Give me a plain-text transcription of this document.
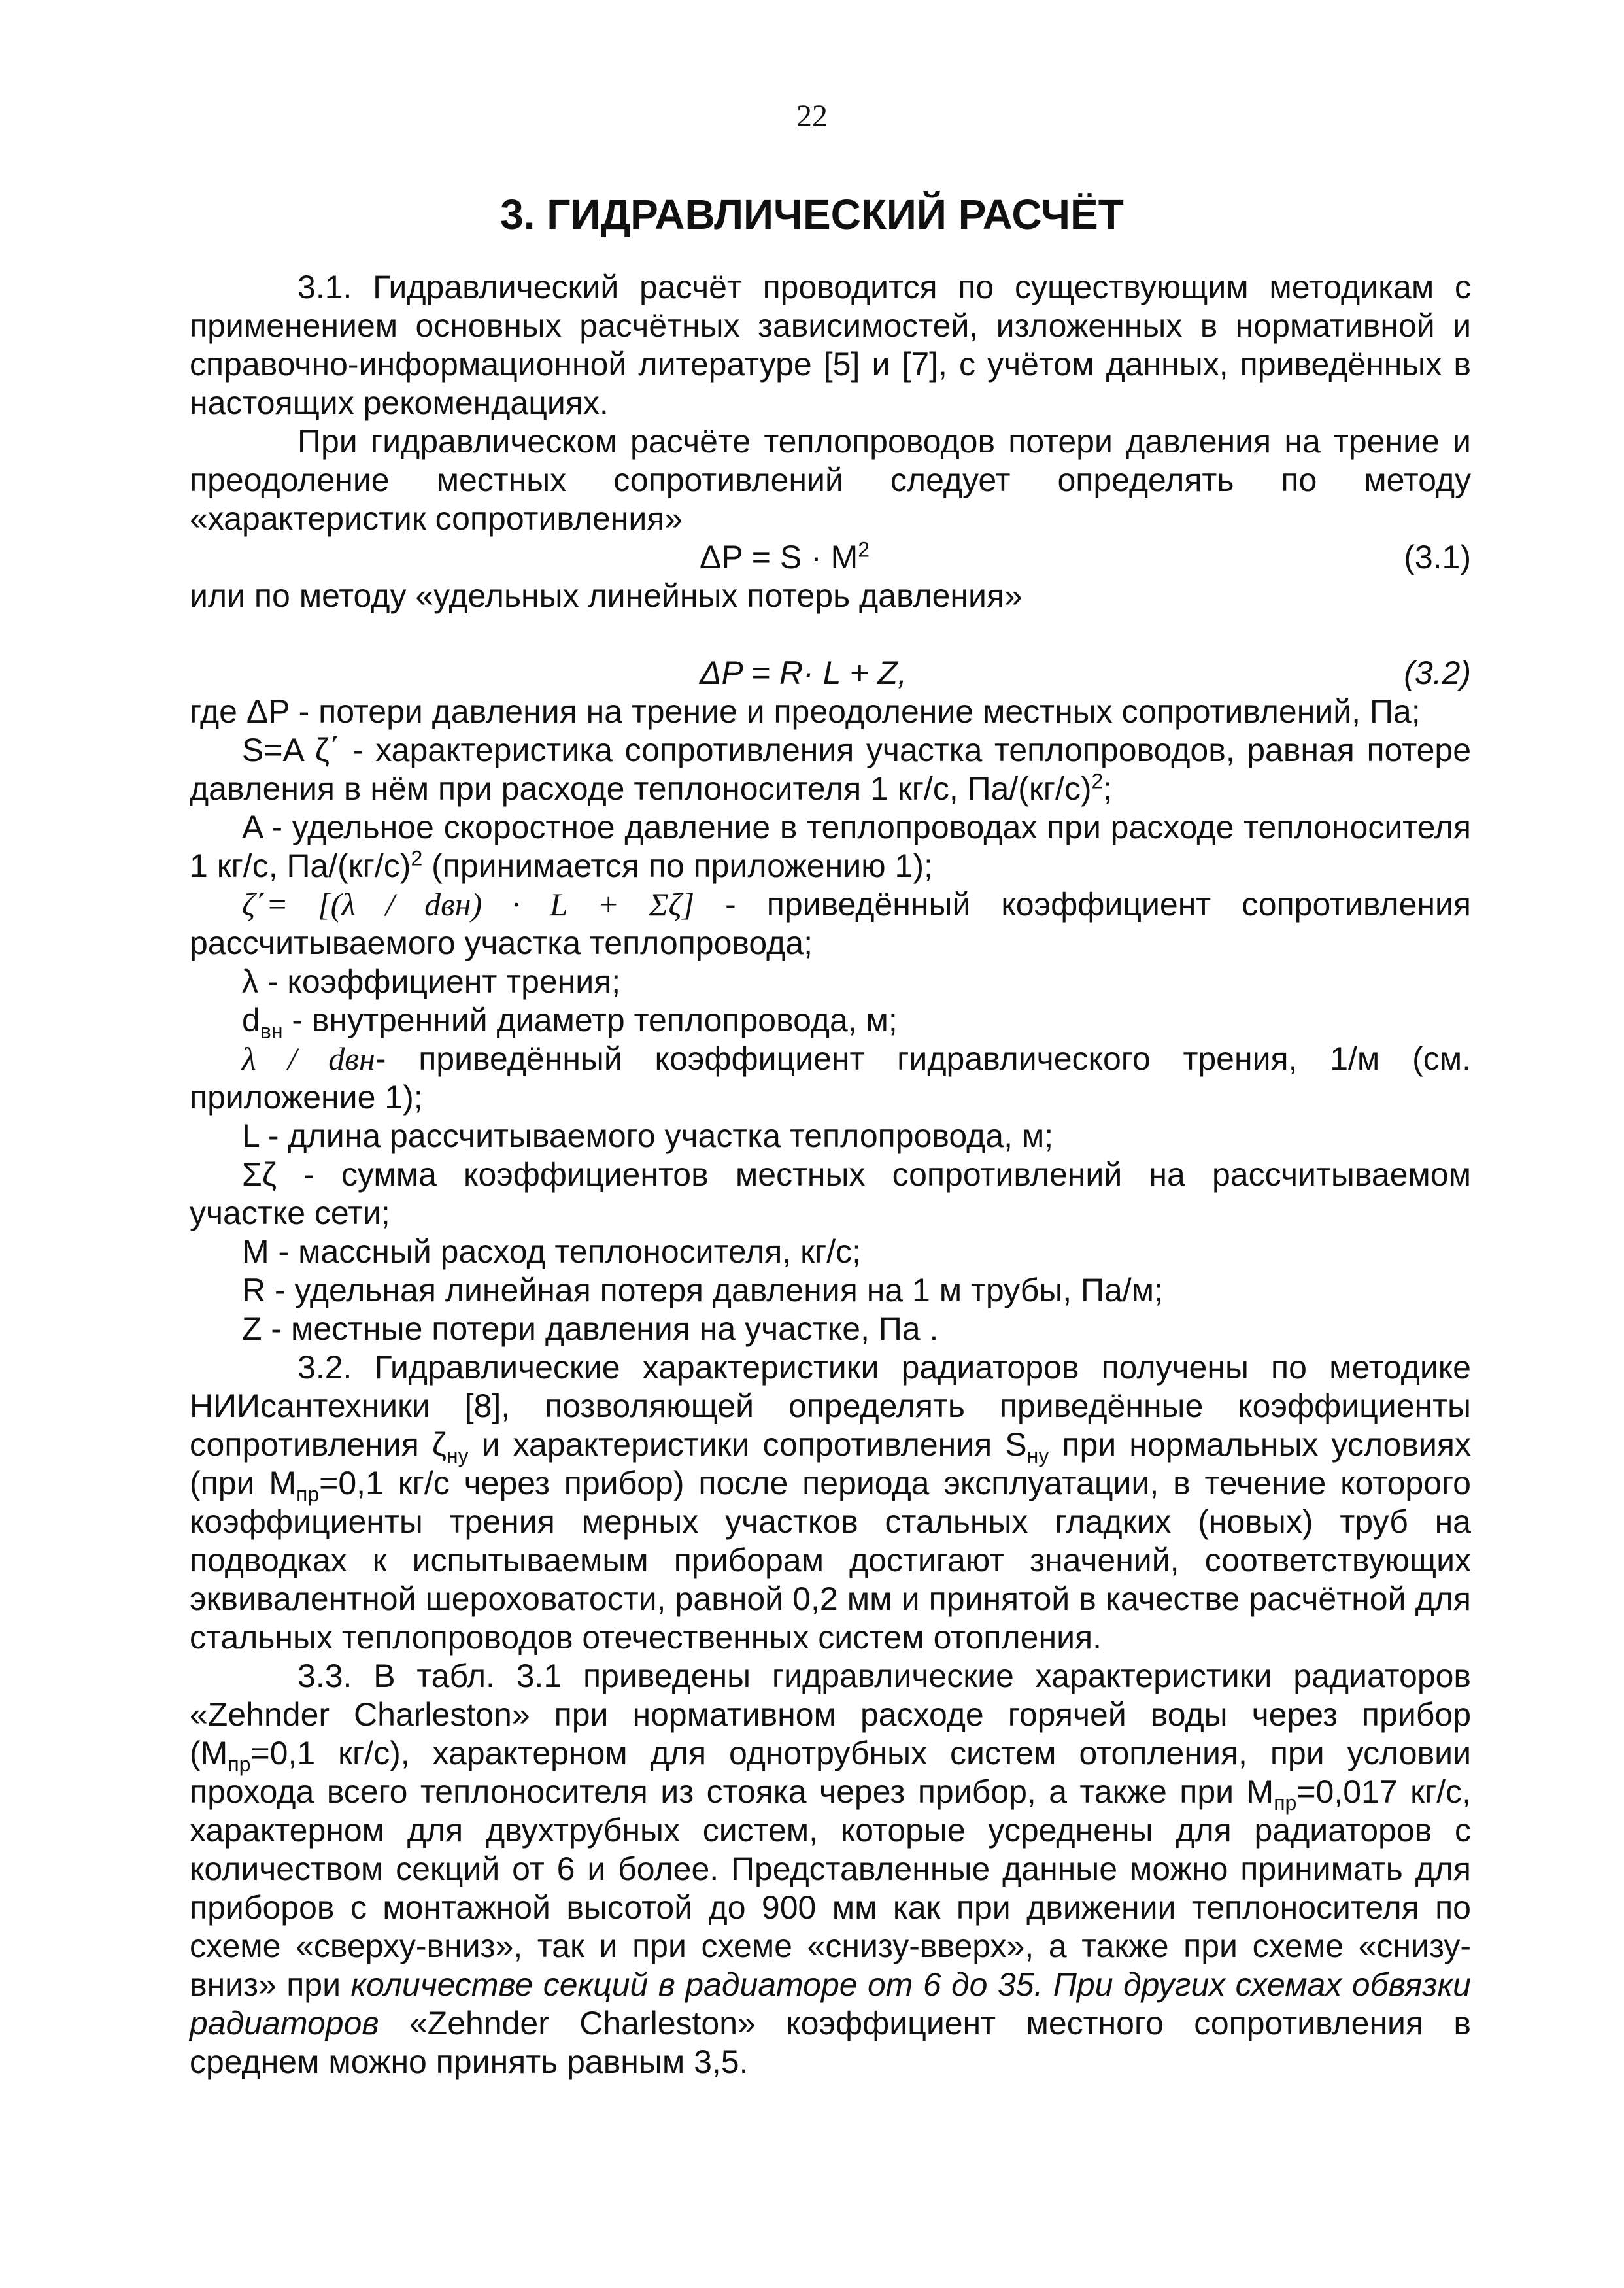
22
3. ГИДРАВЛИЧЕСКИЙ РАСЧЁТ

3.1. Гидравлический расчёт проводится по существующим методикам с применением основных расчётных зависимостей, изложенных в нормативной и справочно-информационной литературе [5] и [7], с учётом данных, приведённых в настоящих рекомендациях.

При гидравлическом расчёте теплопроводов потери давления на трение и преодоление местных сопротивлений следует определять по методу «характеристик сопротивления»

$\Delta P = S \cdot M^2$	(3.1)

или по методу «удельных линейных потерь давления»

ΔP = R· L + Z,	(3.2)

где ΔP - потери давления на трение и преодоление местных сопротивлений, Па;

S=A ζ΄ - характеристика сопротивления участка теплопроводов, равная потере давления в нём при расходе теплоносителя 1 кг/с, $Па/(кг/с)^2$;

A - удельное скоростное давление в теплопроводах при расходе теплоносителя 1 кг/с, $Па/(кг/с)^2$ (принимается по приложению 1);

ζ΄= [(λ / dвн) · L + Σζ] - приведённый коэффициент сопротивления рассчитываемого участка теплопровода;

λ - коэффициент трения;

$d_{вн}$ - внутренний диаметр теплопровода, м;

λ / dвн- приведённый коэффициент гидравлического трения, 1/м (см. приложение 1);

L - длина рассчитываемого участка теплопровода, м;

Σζ - сумма коэффициентов местных сопротивлений на рассчитываемом участке сети;

M - массный расход теплоносителя, кг/с;

R - удельная линейная потеря давления на 1 м трубы, Па/м;

Z - местные потери давления на участке, Па .

3.2. Гидравлические характеристики радиаторов получены по методике НИИсантехники [8], позволяющей определять приведённые коэффициенты сопротивления $\zeta_{ну}$ и характеристики сопротивления $S_{ну}$ при нормальных условиях (при $M_{пр}=0,1$ кг/с через прибор) после периода эксплуатации, в течение которого коэффициенты трения мерных участков стальных гладких (новых) труб на подводках к испытываемым приборам достигают значений, соответствующих эквивалентной шероховатости, равной 0,2 мм и принятой в качестве расчётной для стальных теплопроводов отечественных систем отопления.

3.3. В табл. 3.1 приведены гидравлические характеристики радиаторов «Zehnder Charleston» при нормативном расходе горячей воды через прибор ($M_{пр}=0,1$ кг/с), характерном для однотрубных систем отопления, при условии прохода всего теплоносителя из стояка через прибор, а также при $M_{пр}=0,017$ кг/с, характерном для двухтрубных систем, которые усреднены для радиаторов с количеством секций от 6 и более. Представленные данные можно принимать для приборов с монтажной высотой до 900 мм как при движении теплоносителя по схеме «сверху-вниз», так и при схеме «снизу-вверх», а также при схеме «снизу-вниз» при количестве секций в радиаторе от 6 до 35. При других схемах обвязки радиаторов «Zehnder Charleston» коэффициент местного сопротивления в среднем можно принять равным 3,5.
